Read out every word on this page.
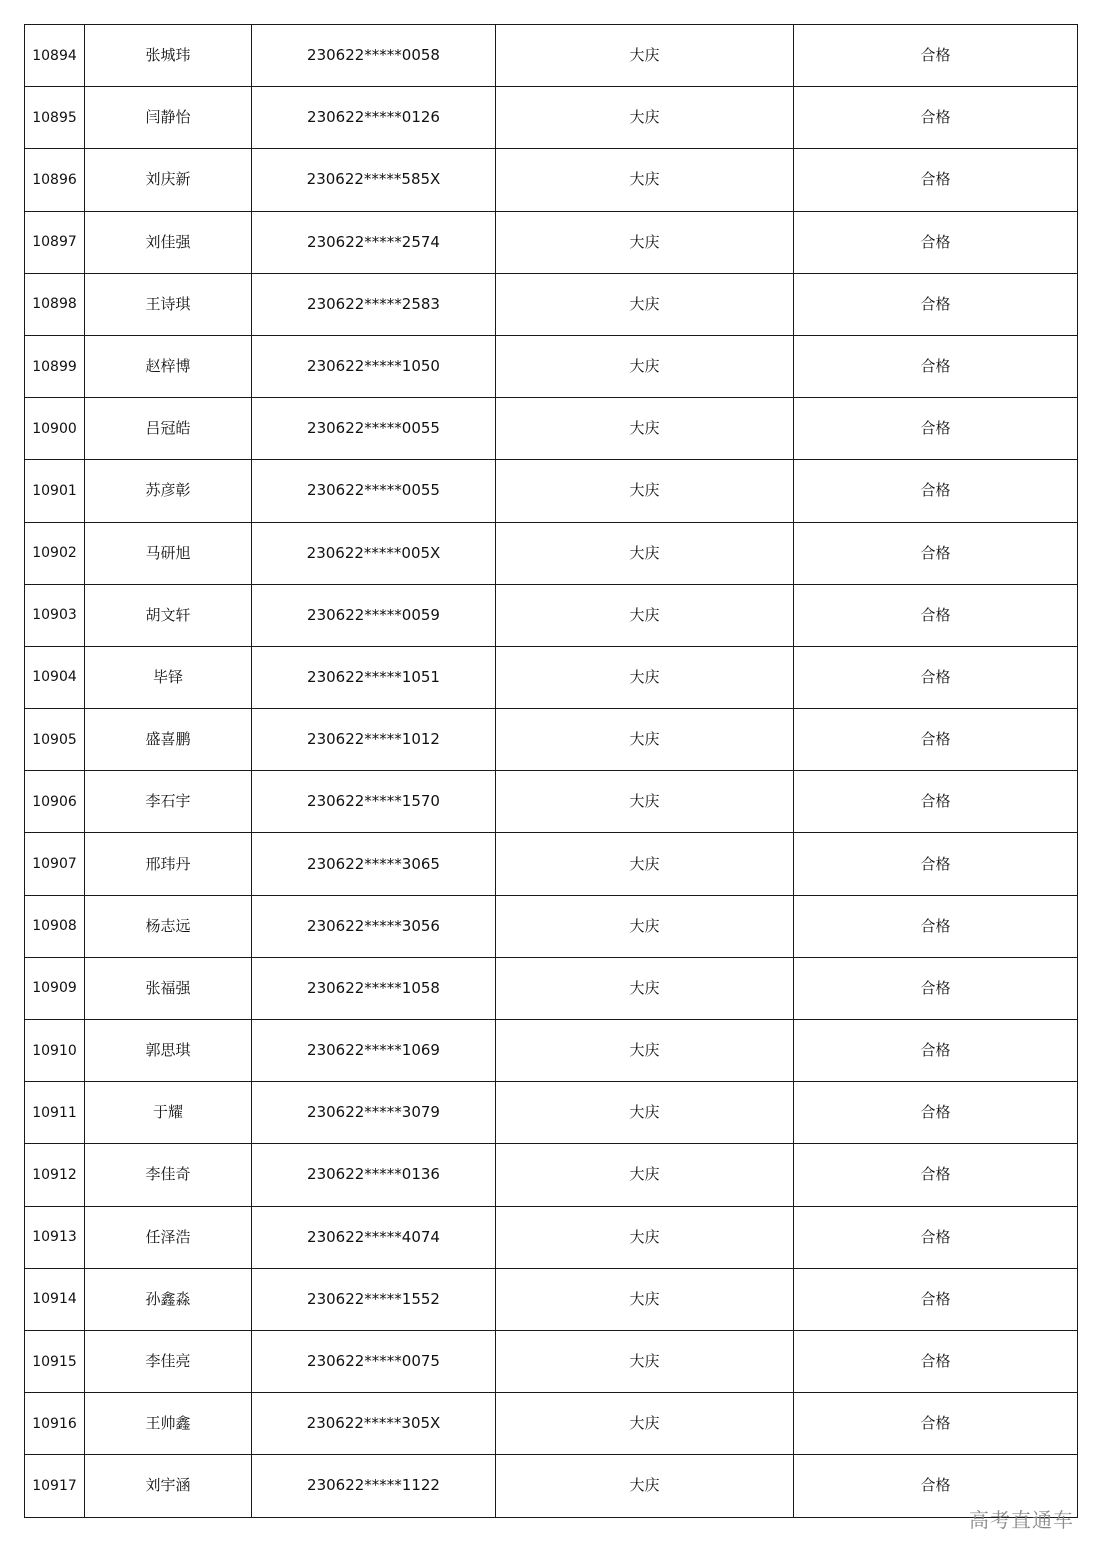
10894	张城玮	230622*****0058	大庆	合格
10895	闫静怡	230622*****0126	大庆	合格
10896	刘庆新	230622*****585X	大庆	合格
10897	刘佳强	230622*****2574	大庆	合格
10898	王诗琪	230622*****2583	大庆	合格
10899	赵梓博	230622*****1050	大庆	合格
10900	吕冠皓	230622*****0055	大庆	合格
10901	苏彦彰	230622*****0055	大庆	合格
10902	马研旭	230622*****005X	大庆	合格
10903	胡文轩	230622*****0059	大庆	合格
10904	毕铎	230622*****1051	大庆	合格
10905	盛喜鹏	230622*****1012	大庆	合格
10906	李石宇	230622*****1570	大庆	合格
10907	邢玮丹	230622*****3065	大庆	合格
10908	杨志远	230622*****3056	大庆	合格
10909	张福强	230622*****1058	大庆	合格
10910	郭思琪	230622*****1069	大庆	合格
10911	于耀	230622*****3079	大庆	合格
10912	李佳奇	230622*****0136	大庆	合格
10913	任泽浩	230622*****4074	大庆	合格
10914	孙鑫淼	230622*****1552	大庆	合格
10915	李佳亮	230622*****0075	大庆	合格
10916	王帅鑫	230622*****305X	大庆	合格
10917	刘宇涵	230622*****1122	大庆	合格
高考直通车
